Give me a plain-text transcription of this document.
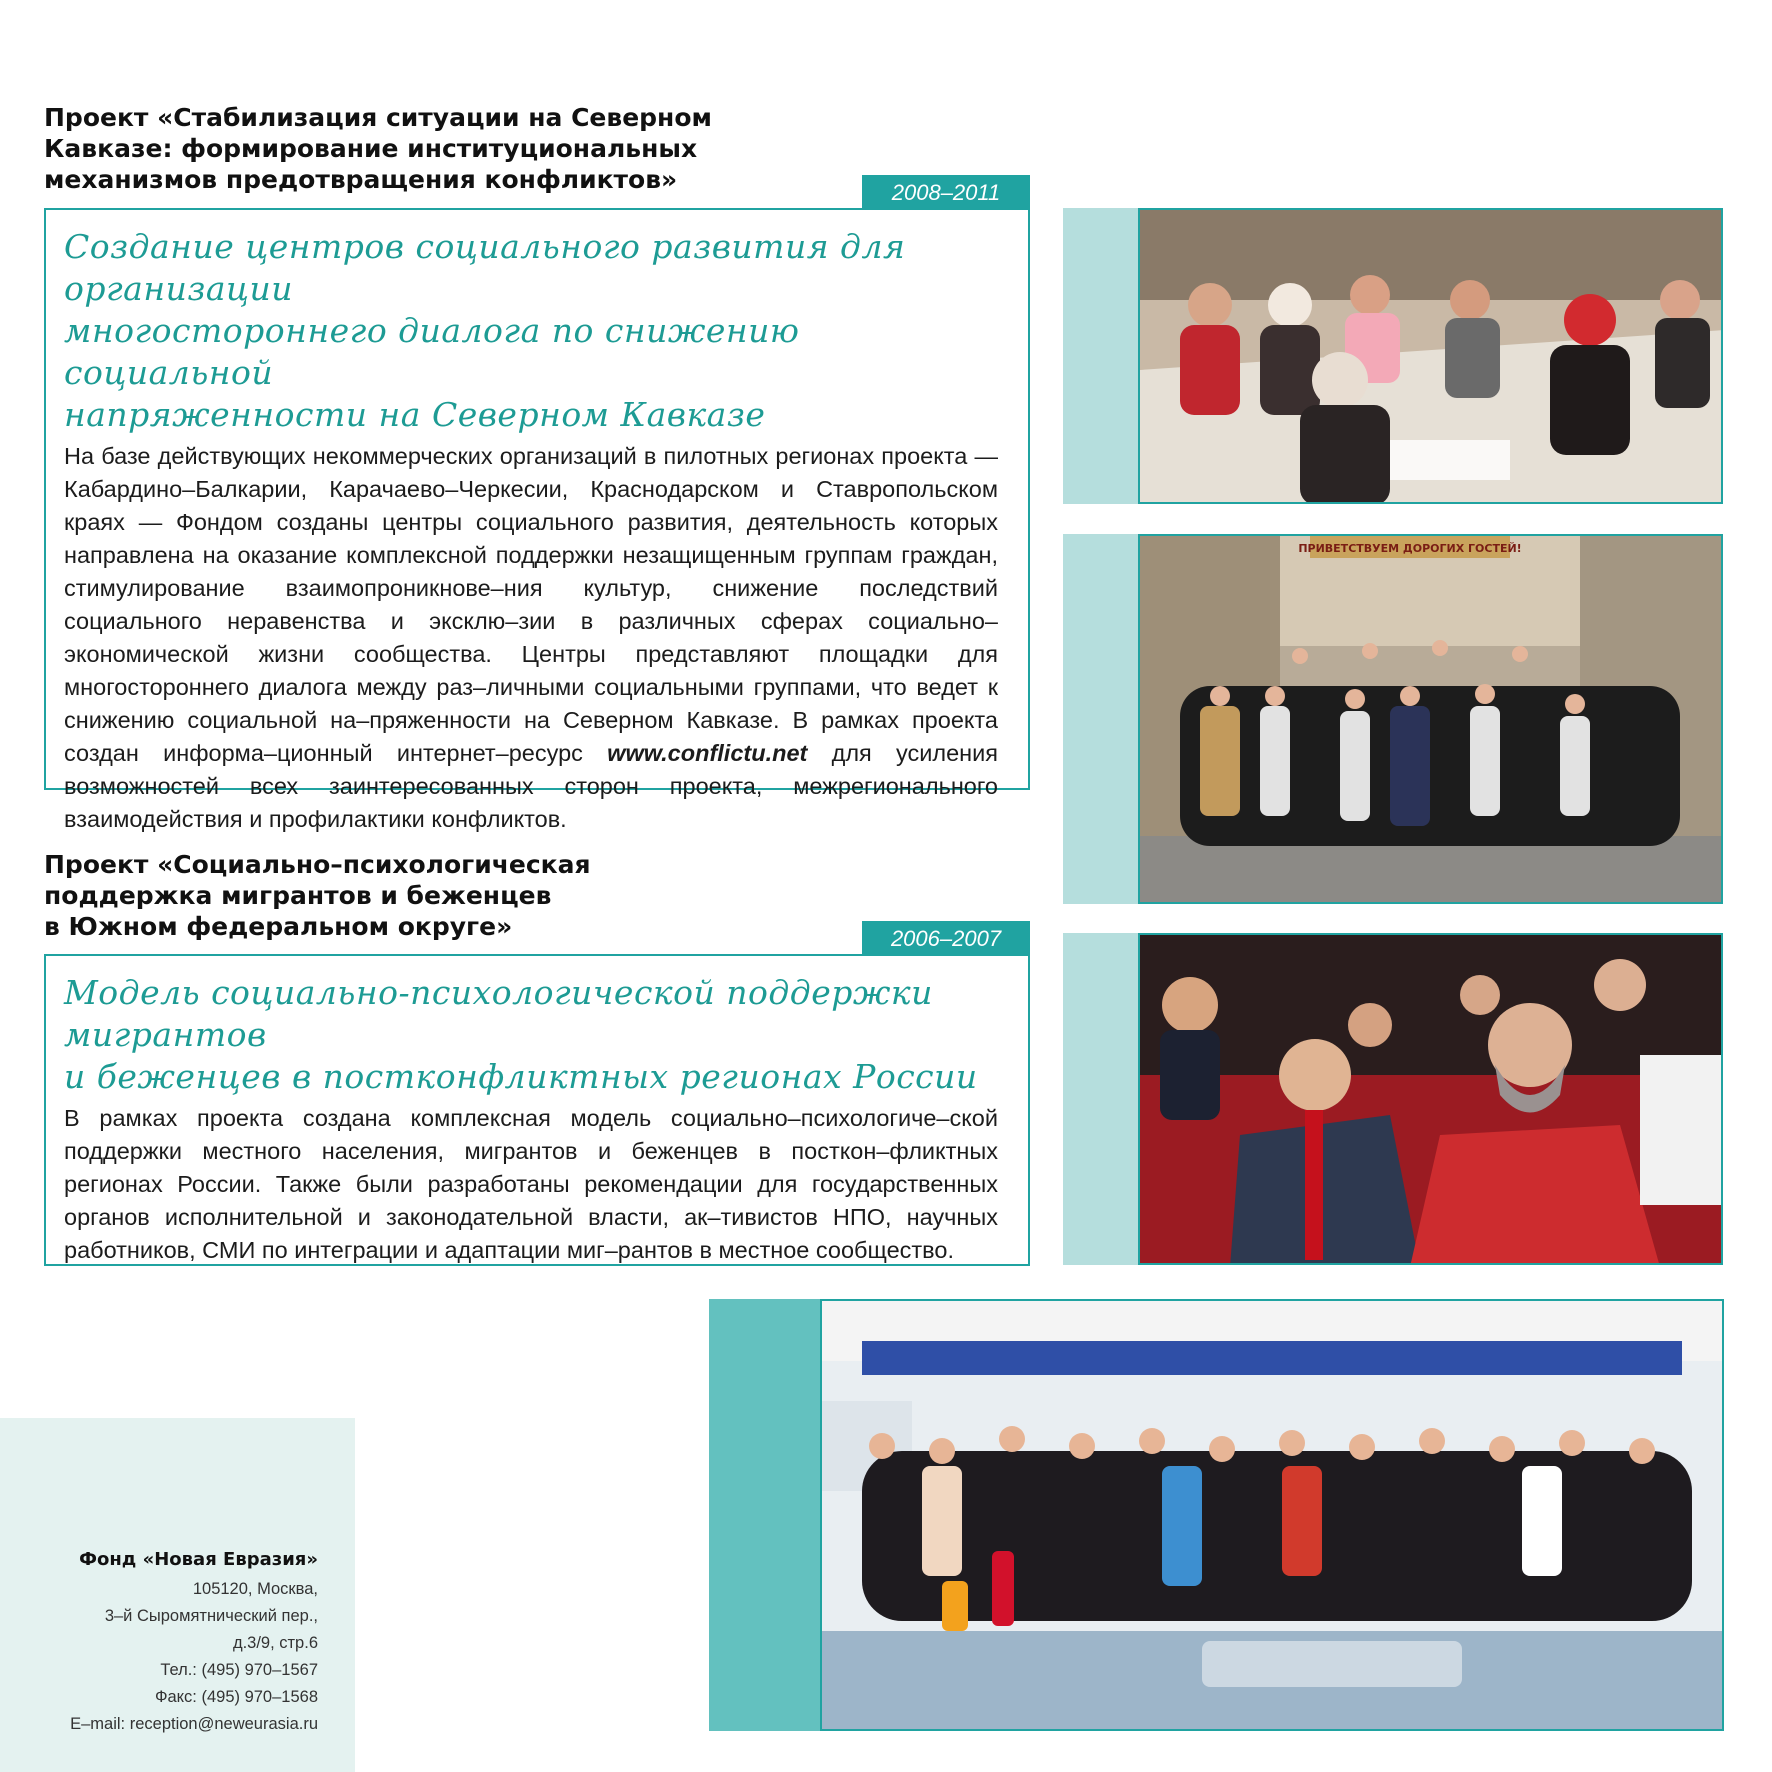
Проект «Стабилизация ситуации на Северном

Кавказе: формирование институциональных

механизмов предотвращения конфликтов»	2008–2011
Создание центров социального развития для организации
многостороннего диалога по снижению социальной
напряженности на Северном Кавказе
На базе действующих некоммерческих организаций в пилотных регионах проекта — Кабардино–Балкарии, Карачаево–Черкесии, Краснодарском и Ставропольском краях — Фондом созданы центры социального развития, деятельность которых направлена на оказание комплексной поддержки незащищенным группам граждан, стимулирование взаимопроникнове–ния культур, снижение последствий социального неравенства и эксклю–зии в различных сферах социально–экономической жизни сообщества. Центры представляют площадки для многостороннего диалога между раз–личными социальными группами, что ведет к снижению социальной на–пряженности на Северном Кавказе. В рамках проекта создан информа–ционный интернет–ресурс www.conflictu.net для усиления возможностей всех заинтересованных сторон проекта, межрегионального взаимодействия и профилактики конфликтов.

Проект «Социально–психологическая

поддержка мигрантов и беженцев

в Южном федеральном округе»	2006–2007
Модель социально-психологической поддержки мигрантов
и беженцев в постконфликтных регионах России
В рамках проекта создана комплексная модель социально–психологиче–ской поддержки местного населения, мигрантов и беженцев в посткон–фликтных регионах России. Также были разработаны рекомендации для государственных органов исполнительной и законодательной власти, ак–тивистов НПО, научных работников, СМИ по интеграции и адаптации миг–рантов в местное сообщество.
ПРИВЕТСТВУЕМ ДОРОГИХ ГОСТЕЙ!
Фонд «Новая Евразия»
105120, Москва,
3–й Сыромятнический пер.,
д.3/9, стр.6
Тел.: (495) 970–1567
Факс: (495) 970–1568
E–mail: reception@neweurasia.ru
